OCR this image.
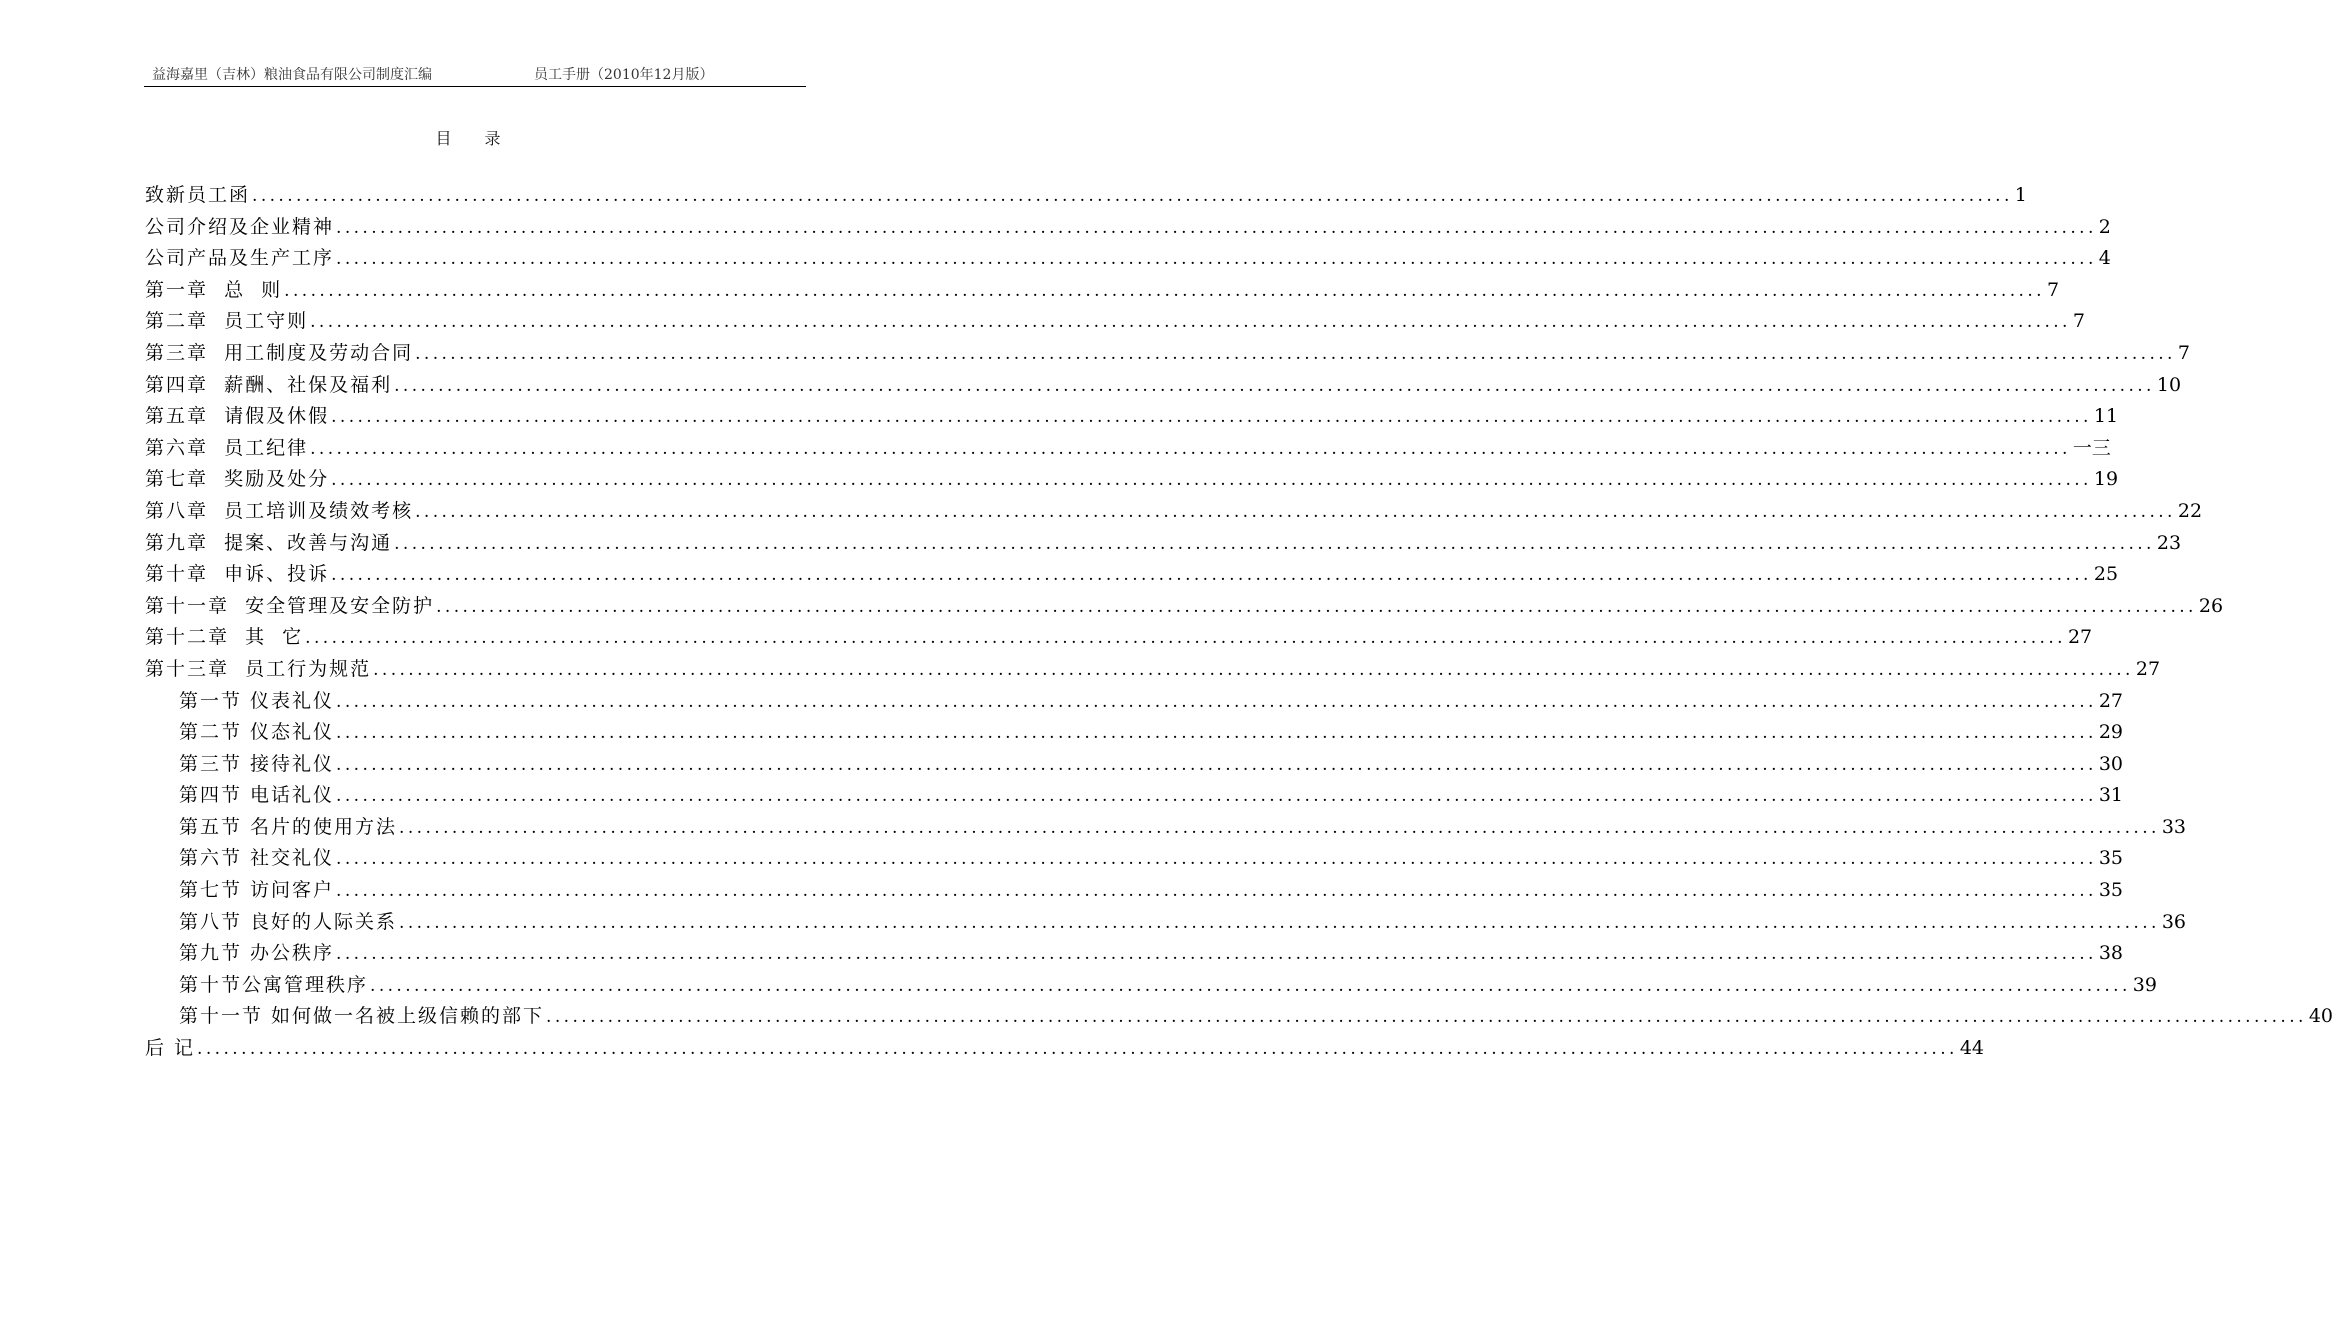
益海嘉里（吉林）粮油食品有限公司制度汇编	员工手册（2010年12月版）
目 录
致新员工函 ........................................................................................................................................................................................................ 1
公司介绍及企业精神 ........................................................................................................................................................................................................ 2
公司产品及生产工序 ........................................................................................................................................................................................................ 4
第一章  总  则 ........................................................................................................................................................................................................ 7
第二章  员工守则 ........................................................................................................................................................................................................ 7
第三章  用工制度及劳动合同 ........................................................................................................................................................................................................ 7
第四章  薪酬、社保及福利 ........................................................................................................................................................................................................ 10
第五章  请假及休假 ........................................................................................................................................................................................................ 11
第六章  员工纪律 ........................................................................................................................................................................................................ 一三
第七章  奖励及处分 ........................................................................................................................................................................................................ 19
第八章  员工培训及绩效考核 ........................................................................................................................................................................................................ 22
第九章  提案、改善与沟通 ........................................................................................................................................................................................................ 23
第十章  申诉、投诉 ........................................................................................................................................................................................................ 25
第十一章  安全管理及安全防护 ........................................................................................................................................................................................................ 26
第十二章  其  它 ........................................................................................................................................................................................................ 27
第十三章  员工行为规范 ........................................................................................................................................................................................................ 27
第一节 仪表礼仪 ........................................................................................................................................................................................................ 27
第二节 仪态礼仪 ........................................................................................................................................................................................................ 29
第三节 接待礼仪 ........................................................................................................................................................................................................ 30
第四节 电话礼仪 ........................................................................................................................................................................................................ 31
第五节 名片的使用方法 ........................................................................................................................................................................................................ 33
第六节 社交礼仪 ........................................................................................................................................................................................................ 35
第七节 访问客户 ........................................................................................................................................................................................................ 35
第八节 良好的人际关系 ........................................................................................................................................................................................................ 36
第九节 办公秩序 ........................................................................................................................................................................................................ 38
第十节公寓管理秩序 ........................................................................................................................................................................................................ 39
第十一节 如何做一名被上级信赖的部下 ........................................................................................................................................................................................................ 40
后 记 ........................................................................................................................................................................................................ 44
